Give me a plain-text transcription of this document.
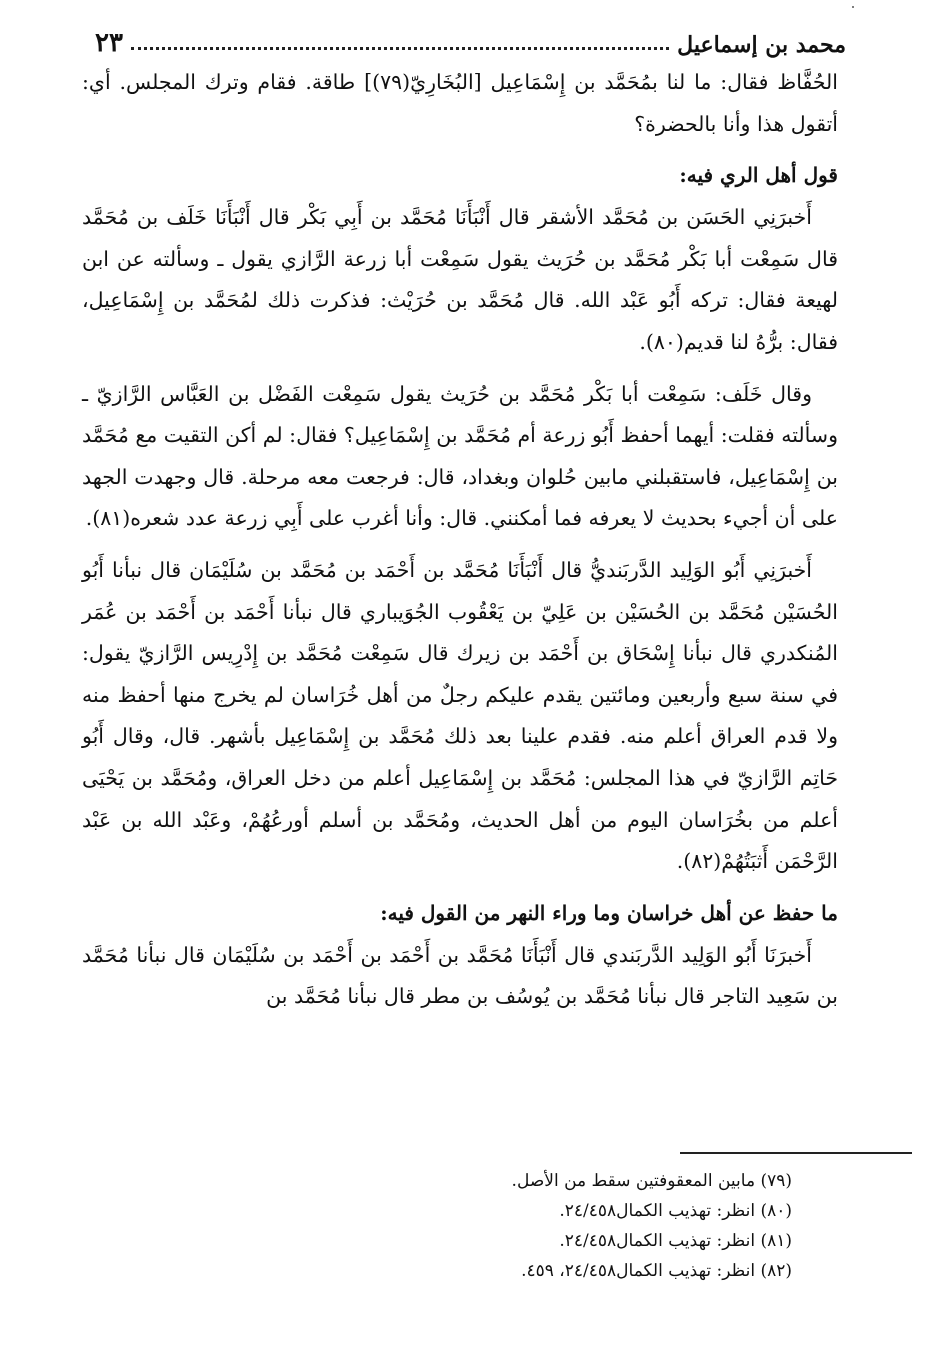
محمد بن إسماعيل
٢٣

الحُفَّاظ فقال: ما لنا بمُحَمَّد بن إِسْمَاعِيل [البُخَارِيّ(٧٩)] طاقة. فقام وترك المجلس. أي: أتقول هذا وأنا بالحضرة؟

قول أهل الري فيه:

أَخبرَنِي الحَسَن بن مُحَمَّد الأشقر قال أَنْبَأَنَا مُحَمَّد بن أَبِي بَكْر قال أَنْبَأَنَا خَلَف بن مُحَمَّد قال سَمِعْت أبا بَكْر مُحَمَّد بن حُرَيث يقول سَمِعْت أبا زرعة الرَّازي يقول ـ وسألته عن ابن لهيعة فقال: تركه أَبُو عَبْد الله. قال مُحَمَّد بن حُرَيْث: فذكرت ذلك لمُحَمَّد بن إِسْمَاعِيل، فقال: برُّهُ لنا قديم(٨٠).

وقال خَلَف: سَمِعْت أبا بَكْر مُحَمَّد بن حُرَيث يقول سَمِعْت الفَضْل بن العَبَّاس الرَّازيّ ـ وسألته فقلت: أيهما أحفظ أَبُو زرعة أم مُحَمَّد بن إِسْمَاعِيل؟ فقال: لم أكن التقيت مع مُحَمَّد بن إِسْمَاعِيل، فاستقبلني مابين حُلوان وبغداد، قال: فرجعت معه مرحلة. قال وجهدت الجهد على أن أجيء بحديث لا يعرفه فما أمكنني. قال: وأنا أغرب على أَبِي زرعة عدد شعره(٨١).

أَخبرَنِي أَبُو الوَلِيد الدَّربَنديُّ قال أَنْبَأَنَا مُحَمَّد بن أَحْمَد بن مُحَمَّد بن سُلَيْمَان قال نبأنا أَبُو الحُسَيْن مُحَمَّد بن الحُسَيْن بن عَلِيّ بن يَعْقُوب الجُوَيباري قال نبأنا أَحْمَد بن أَحْمَد بن عُمَر المُنكدري قال نبأنا إِسْحَاق بن أَحْمَد بن زيرك قال سَمِعْت مُحَمَّد بن إِدْرِيس الرَّازيّ يقول: في سنة سبع وأربعين ومائتين يقدم عليكم رجلٌ من أهل خُرَاسان لم يخرج منها أحفظ منه ولا قدم العراق أعلم منه. فقدم علينا بعد ذلك مُحَمَّد بن إِسْمَاعِيل بأشهر. قال، وقال أَبُو حَاتِم الرَّازيّ في هذا المجلس: مُحَمَّد بن إِسْمَاعِيل أعلم من دخل العراق، ومُحَمَّد بن يَحْيَى أعلم من بخُرَاسان اليوم من أهل الحديث، ومُحَمَّد بن أسلم أورعُهُمْ، وعَبْد الله بن عَبْد الرَّحْمَن أَثبَتُهُمْ(٨٢).

ما حفظ عن أهل خراسان وما وراء النهر من القول فيه:

أَخبرَنَا أَبُو الوَلِيد الدَّربَندي قال أَنْبَأَنَا مُحَمَّد بن أَحْمَد بن أَحْمَد بن سُلَيْمَان قال نبأنا مُحَمَّد بن سَعِيد التاجر قال نبأنا مُحَمَّد بن يُوسُف بن مطر قال نبأنا مُحَمَّد بن

(٧٩) مابين المعقوفتين سقط من الأصل.

(٨٠) انظر: تهذيب الكمال٢٤/٤٥٨.

(٨١) انظر: تهذيب الكمال٢٤/٤٥٨.

(٨٢) انظر: تهذيب الكمال٢٤/٤٥٨، ٤٥٩.
